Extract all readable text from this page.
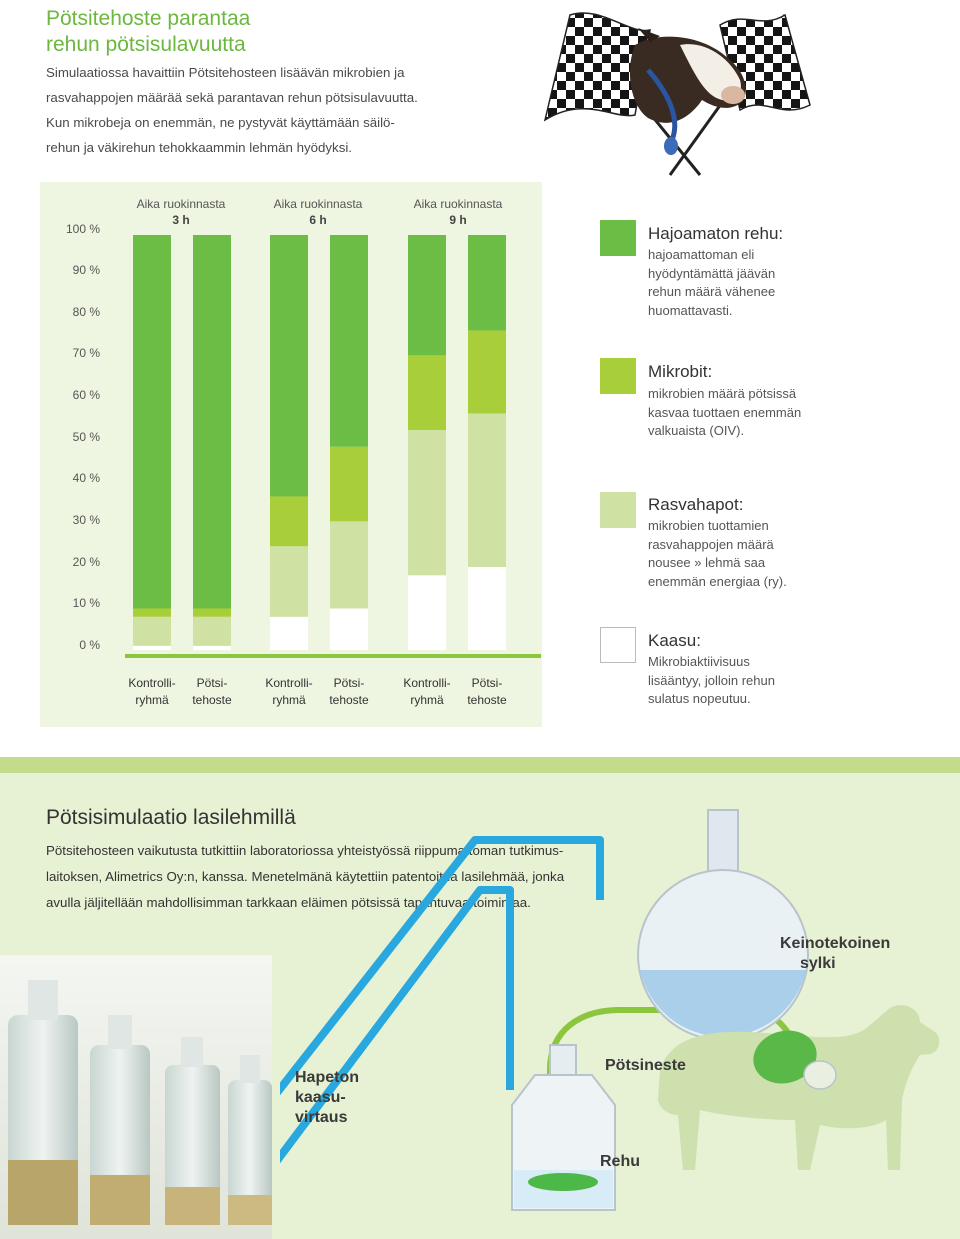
Pötsitehoste parantaa
rehun pötsisulavuutta
Simulaatiossa havaittiin Pötsitehosteen lisäävän mikrobien ja
rasvahappojen määrää sekä parantavan rehun pötsisulavuutta.
Kun mikrobeja on enemmän, ne pystyvät käyttämään säilö-
rehun ja väkirehun tehokkaammin lehmän hyödyksi.
100 %
90 %
80 %
70 %
60 %
50 %
40 %
30 %
20 %
10 %
0 %
Aika ruokinnasta
3 h
Aika ruokinnasta
6 h
Aika ruokinnasta
9 h
Kontrolli-
ryhmä
Pötsi-
tehoste
Kontrolli-
ryhmä
Pötsi-
tehoste
Kontrolli-
ryhmä
Pötsi-
tehoste
Hajoamaton rehu:
hajoamattoman eli
hyödyntämättä jäävän
rehun määrä vähenee
huomattavasti.
Mikrobit:
mikrobien määrä pötsissä
kasvaa tuottaen enemmän
valkuaista (OIV).
Rasvahapot:
mikrobien tuottamien
rasvahappojen määrä
nousee » lehmä saa
enemmän energiaa (ry).
Kaasu:
Mikrobiaktiivisuus
lisääntyy, jolloin rehun
sulatus nopeutuu.
Pötsisimulaatio lasilehmillä
Pötsitehosteen vaikutusta tutkittiin laboratoriossa yhteistyössä riippumattoman tutkimus-
laitoksen, Alimetrics Oy:n, kanssa. Menetelmänä käytettiin patentoitua lasilehmää, jonka
avulla jäljitellään mahdollisimman tarkkaan eläimen pötsissä tapahtuvaa toimintaa.
Keinotekoinen
sylki
Pötsineste
Hapeton
kaasu-
virtaus
Rehu
